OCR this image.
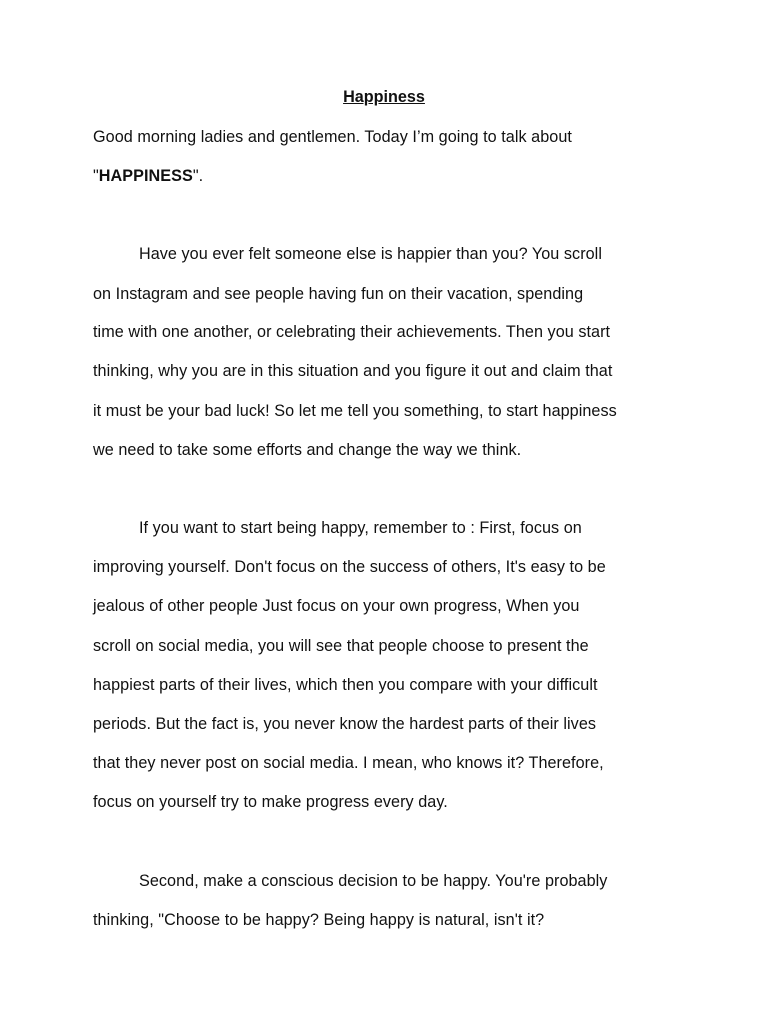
Happiness
Good morning ladies and gentlemen. Today I’m going to talk about
"HAPPINESS".
Have you ever felt someone else is happier than you? You scroll
on Instagram and see people having fun on their vacation, spending
time with one another, or celebrating their achievements. Then you start
thinking, why you are in this situation and you figure it out and claim that
it must be your bad luck! So let me tell you something, to start happiness
we need to take some efforts and change the way we think.
If you want to start being happy, remember to : First, focus on
improving yourself. Don't focus on the success of others, It's easy to be
jealous of other people Just focus on your own progress, When you
scroll on social media, you will see that people choose to present the
happiest parts of their lives, which then you compare with your difficult
periods. But the fact is, you never know the hardest parts of their lives
that they never post on social media. I mean, who knows it? Therefore,
focus on yourself try to make progress every day.
Second, make a conscious decision to be happy. You're probably
thinking, "Choose to be happy? Being happy is natural, isn't it?
